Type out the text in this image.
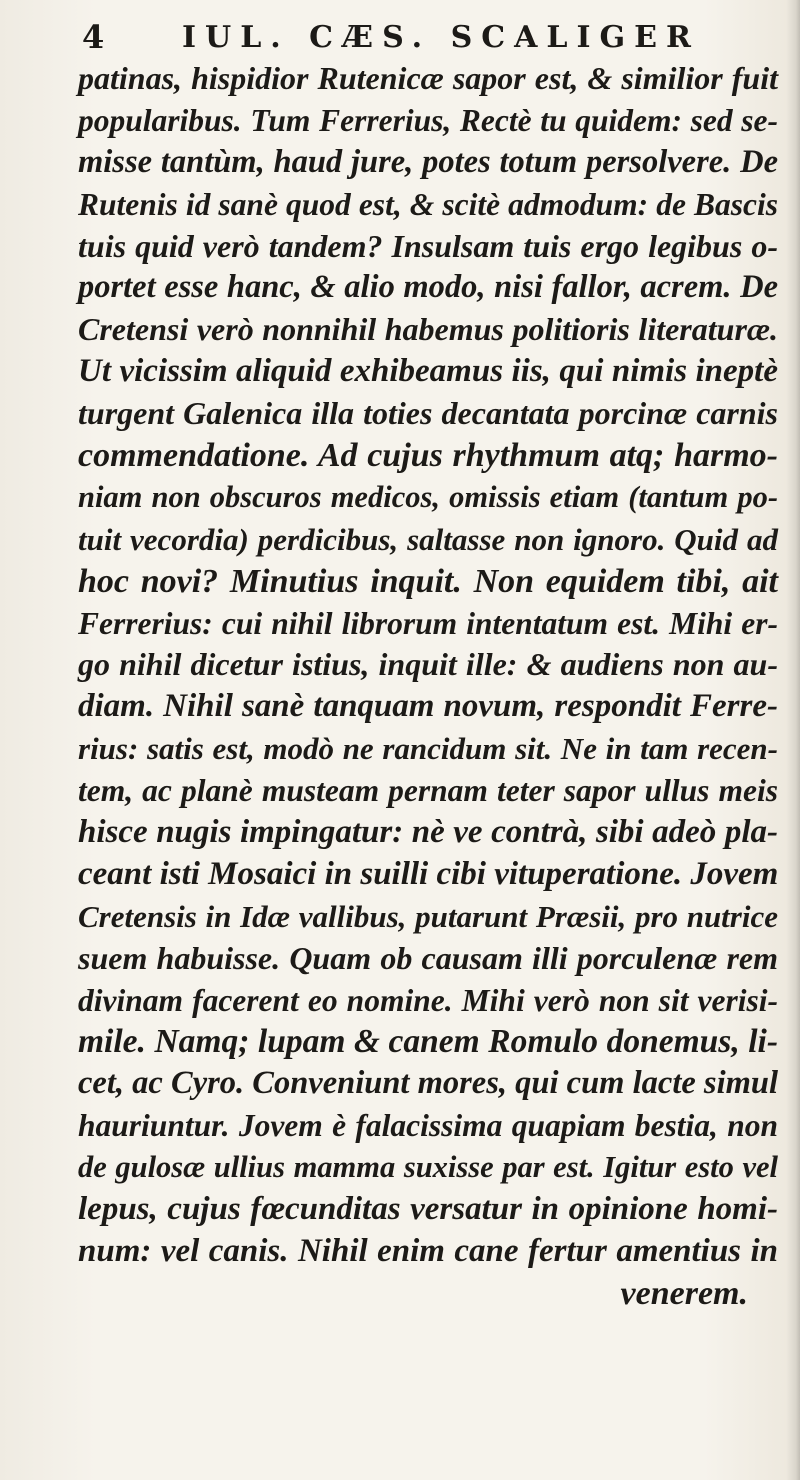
4	IUL. CÆS. SCALIGER
patinas, hispidior Rutenicæ sapor est, & similior fuit
popularibus. Tum Ferrerius, Rectè tu quidem: sed se-
misse tantùm, haud jure, potes totum persolvere. De
Rutenis id sanè quod est, & scitè admodum: de Bascis
tuis quid verò tandem? Insulsam tuis ergo legibus o-
portet esse hanc, & alio modo, nisi fallor, acrem. De
Cretensi verò nonnihil habemus politioris literaturæ.
Ut vicissim aliquid exhibeamus iis, qui nimis ineptè
turgent Galenica illa toties decantata porcinæ carnis
commendatione. Ad cujus rhythmum atq; harmo-
niam non obscuros medicos, omissis etiam (tantum po-
tuit vecordia) perdicibus, saltasse non ignoro. Quid ad
hoc novi? Minutius inquit. Non equidem tibi, ait
Ferrerius: cui nihil librorum intentatum est. Mihi er-
go nihil dicetur istius, inquit ille: & audiens non au-
diam. Nihil sanè tanquam novum, respondit Ferre-
rius: satis est, modò ne rancidum sit. Ne in tam recen-
tem, ac planè musteam pernam teter sapor ullus meis
hisce nugis impingatur: nè ve contrà, sibi adeò pla-
ceant isti Mosaici in suilli cibi vituperatione. Jovem
Cretensis in Idæ vallibus, putarunt Præsii, pro nutrice
suem habuisse. Quam ob causam illi porculenæ rem
divinam facerent eo nomine. Mihi verò non sit verisi-
mile. Namq; lupam & canem Romulo donemus, li-
cet, ac Cyro. Conveniunt mores, qui cum lacte simul
hauriuntur. Jovem è falacissima quapiam bestia, non
de gulosæ ullius mamma suxisse par est. Igitur esto vel
lepus, cujus fœcunditas versatur in opinione homi-
num: vel canis. Nihil enim cane fertur amentius in
venerem.
